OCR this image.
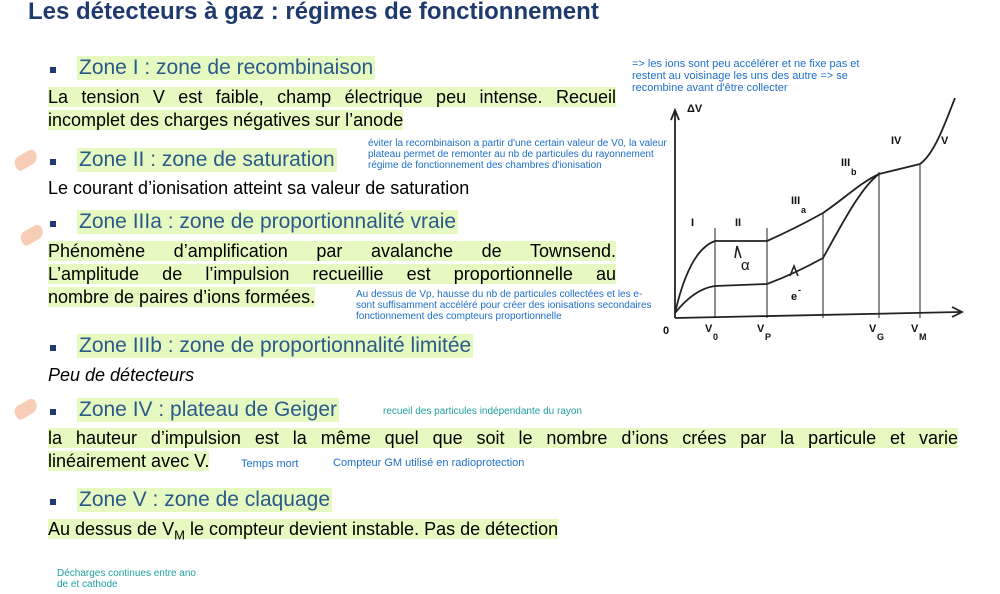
Les détecteurs à gaz : régimes de fonctionnement
Zone I : zone de recombinaison
La tension V est faible, champ électrique peu intense. Recueil
incomplet des charges négatives sur l’anode
Zone II : zone de saturation
Le courant d’ionisation atteint sa valeur de saturation
Zone IIIa : zone de proportionnalité vraie
Phénomène d’amplification par avalanche de Townsend.
L’amplitude de l’impulsion recueillie est proportionnelle au
nombre de paires d’ions formées.
Zone IIIb : zone de proportionnalité limitée
Peu de détecteurs
Zone IV : plateau de Geiger
la hauteur d’impulsion est la même quel que soit le nombre d’ions crées par la particule et varie
linéairement avec V.
Zone V : zone de claquage
Au dessus de $V_M$ le compteur devient instable. Pas de détection
=> les ions sont peu accélérer et ne fixe pas et
restent au voisinage les uns des autre => se
recombine avant d'être collecter
éviter la recombinaison a partir d'une certain valeur de V0, la valeur
plateau permet de remonter au nb de particules du rayonnement
régime de fonctionnement des chambres d'ionisation
Au dessus de Vp, hausse du nb de particules collectées et les e-
sont suffisamment accéléré pour créer des ionisations secondaires
fonctionnement des compteurs proportionnelle
recueil des particules indépendante du rayon
Temps mort	Compteur GM utilisé en radioprotection
Décharges continues entre ano
de et cathode
ΔV
0
I	II
III
a
III
b
IV	V
α
e
-
V
0
V
P
V
G
V
M
